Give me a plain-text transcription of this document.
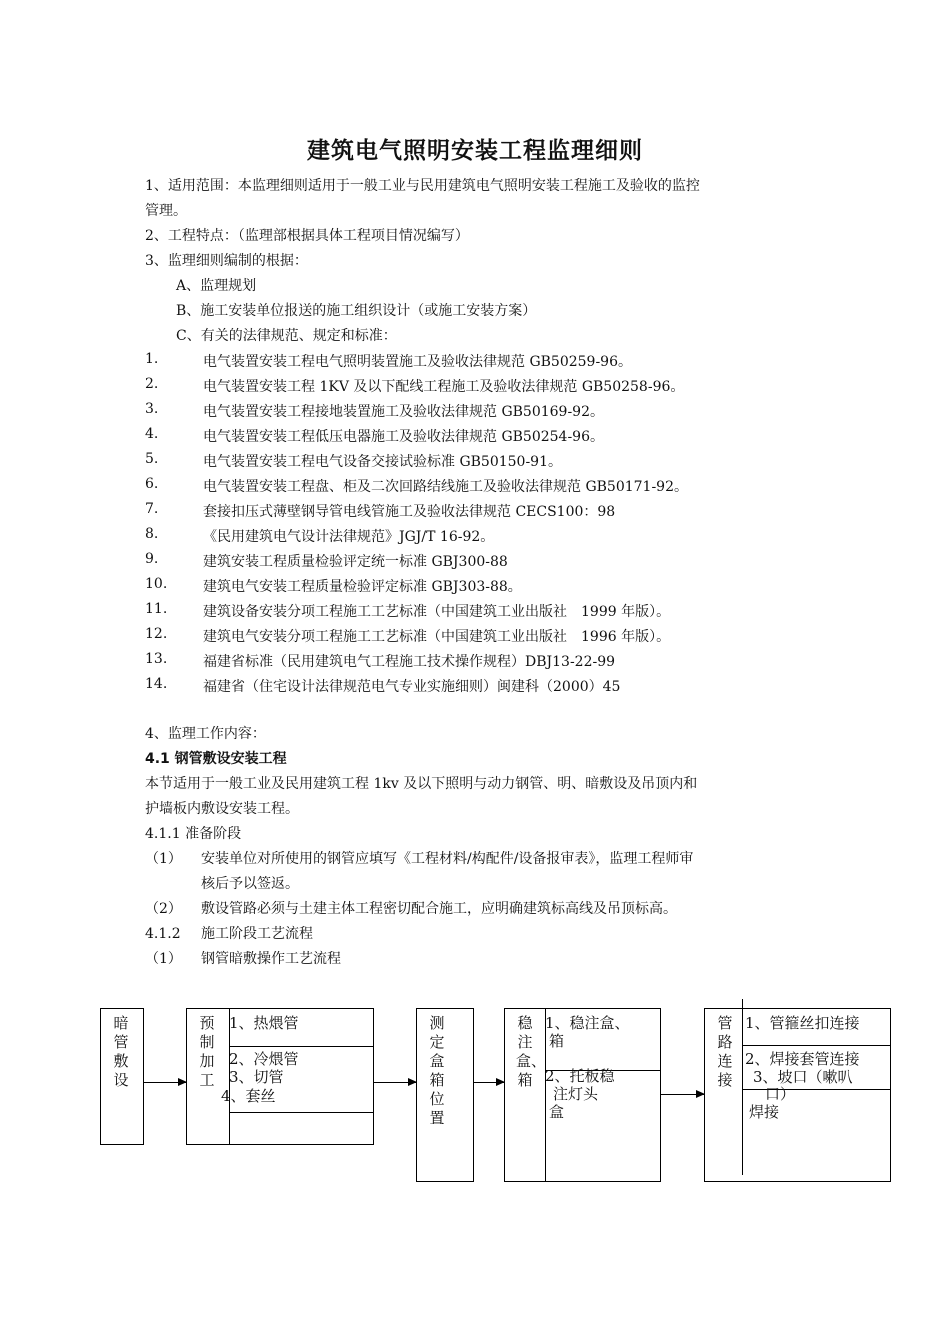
建筑电气照明安装工程监理细则
1、适用范围：本监理细则适用于一般工业与民用建筑电气照明安装工程施工及验收的监控
管理。
2、工程特点：（监理部根据具体工程项目情况编写）
3、监理细则编制的根据：
A、监理规划
B、施工安装单位报送的施工组织设计（或施工安装方案）
C、有关的法律规范、规定和标准：
1.	电气装置安装工程电气照明装置施工及验收法律规范 GB50259-96。
2.	电气装置安装工程 1KV 及以下配线工程施工及验收法律规范 GB50258-96。
3.	电气装置安装工程接地装置施工及验收法律规范 GB50169-92。
4.	电气装置安装工程低压电器施工及验收法律规范 GB50254-96。
5.	电气装置安装工程电气设备交接试验标准 GB50150-91。
6.	电气装置安装工程盘、柜及二次回路结线施工及验收法律规范 GB50171-92。
7.	套接扣压式薄壁钢导管电线管施工及验收法律规范 CECS100：98
8.	《民用建筑电气设计法律规范》JGJ/T 16-92。
9.	建筑安装工程质量检验评定统一标准 GBJ300-88
10.	建筑电气安装工程质量检验评定标准 GBJ303-88。
11.	建筑设备安装分项工程施工工艺标准（中国建筑工业出版社　1999 年版）。
12.	建筑电气安装分项工程施工工艺标准（中国建筑工业出版社　1996 年版）。
13.	福建省标准（民用建筑电气工程施工技术操作规程）DBJ13-22-99
14.	福建省（住宅设计法律规范电气专业实施细则）闽建科（2000）45
4、监理工作内容：
4.1 钢管敷设安装工程
本节适用于一般工业及民用建筑工程 1kv 及以下照明与动力钢管、明、暗敷设及吊顶内和
护墙板内敷设安装工程。
4.1.1 准备阶段
（1） 安装单位对所使用的钢管应填写《工程材料/构配件/设备报审表》，监理工程师审
核后予以签返。
（2） 敷设管路必须与土建主体工程密切配合施工，应明确建筑标高线及吊顶标高。
4.1.2 施工阶段工艺流程
（1） 钢管暗敷操作工艺流程
暗管敷设
预制加工
1、热煨管
2、冷煨管
3、切管
4、套丝
测定盒箱位置
稳注盒、箱
1、稳注盒、
箱
2、托板稳
注灯头
盒
管路连接
1、管箍丝扣连接
2、焊接套管连接
3、坡口（嗽叭
口）
焊接
